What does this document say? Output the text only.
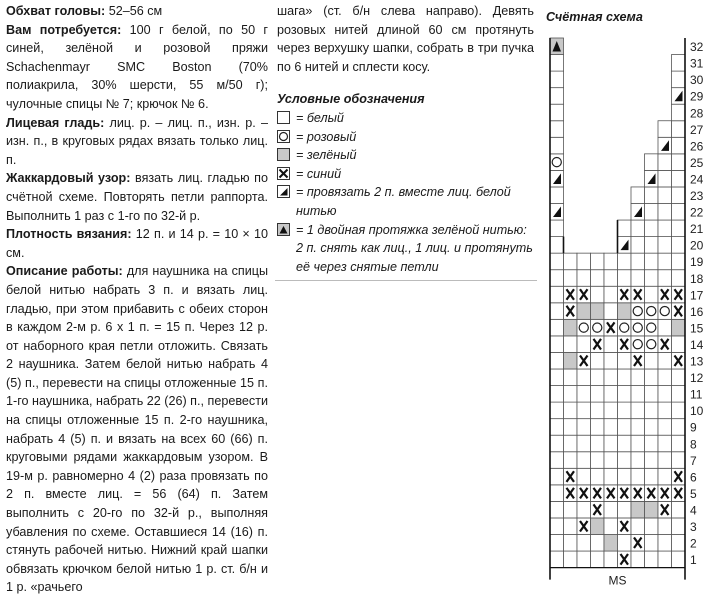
Обхват головы: 52–56 см
Вам потребуется: 100 г белой, по 50 г синей, зелёной и розовой пряжи Schachenmayr SMC Boston (70% полиакрила, 30% шерсти, 55 м/50 г); чулочные спицы № 7; крючок № 6.
Лицевая гладь: лиц. р. – лиц. п., изн. р. – изн. п., в круговых рядах вязать только лиц. п.
Жаккардовый узор: вязать лиц. гладью по счётной схеме. Повторять петли раппорта. Выполнить 1 раз с 1-го по 32-й р.
Плотность вязания: 12 п. и 14 р. = 10 × 10 см.
Описание работы: для наушника на спицы белой нитью набрать 3 п. и вязать лиц. гладью, при этом прибавить с обеих сторон в каждом 2-м р. 6 х 1 п. = 15 п. Через 12 р. от наборного края петли отложить. Связать 2 наушника. Затем белой нитью набрать 4 (5) п., перевести на спицы отложенные 15 п. 1-го наушника, набрать 22 (26) п., перевести на спицы отложенные 15 п. 2-го наушника, набрать 4 (5) п. и вязать на всех 60 (66) п. круговыми рядами жаккардовым узором. В 19-м р. равномерно 4 (2) раза провязать по 2 п. вместе лиц. = 56 (64) п. Затем выполнить с 20-го по 32-й р., выполняя убавления по схеме. Оставшиеся 14 (16) п. стянуть рабочей нитью. Нижний край шапки обвязать крючком белой нитью 1 р. ст. б/н и 1 р. «рачьего
шага» (ст. б/н слева направо). Девять розовых нитей длиной 60 см протянуть через верхушку шапки, собрать в три пучка по 6 нитей и сплести косу.
Условные обозначения
= белый
= розовый
= зелёный
= синий
= провязать 2 п. вместе лиц. белой нитью
= 1 двойная протяжка зелёной нитью: 2 п. снять как лиц., 1 лиц. и протянуть её через снятые петли
Счётная схема
1
2
3
4
5
6
7
8
9
10
11
12
13
14
15
16
17
18
19
20
21
22
23
24
25
26
27
28
29
30
31
32
MS
